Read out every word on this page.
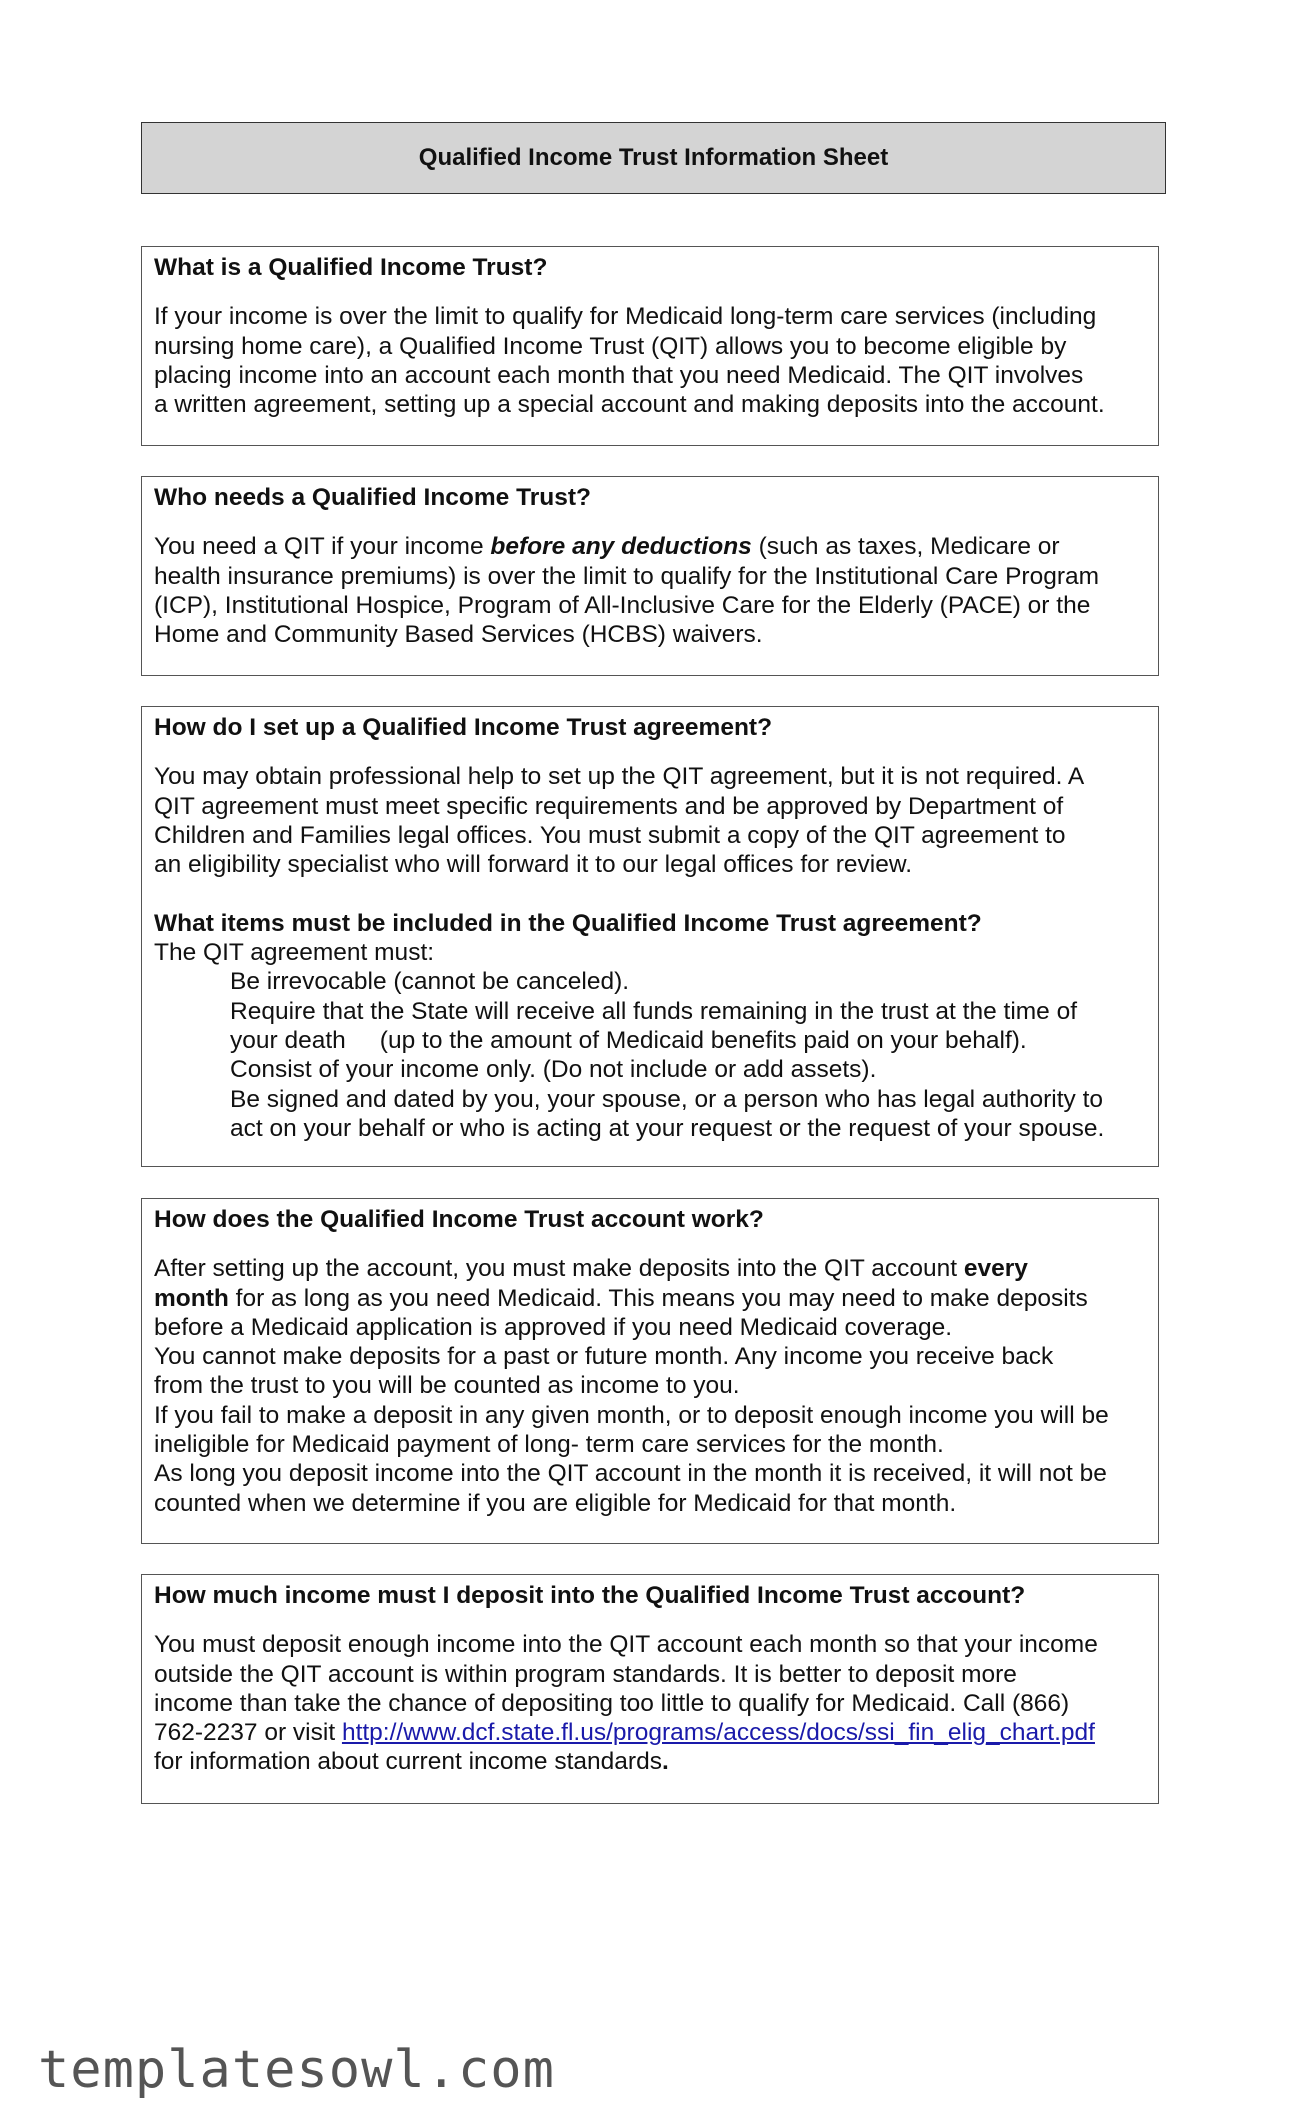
Qualified Income Trust Information Sheet

What is a Qualified Income Trust?

If your income is over the limit to qualify for Medicaid long-term care services (including
nursing home care), a Qualified Income Trust (QIT) allows you to become eligible by
placing income into an account each month that you need Medicaid. The QIT involves
a written agreement, setting up a special account and making deposits into the account.

Who needs a Qualified Income Trust?

You need a QIT if your income before any deductions (such as taxes, Medicare or
health insurance premiums) is over the limit to qualify for the Institutional Care Program
(ICP), Institutional Hospice, Program of All-Inclusive Care for the Elderly (PACE) or the
Home and Community Based Services (HCBS) waivers.

How do I set up a Qualified Income Trust agreement?

You may obtain professional help to set up the QIT agreement, but it is not required. A
QIT agreement must meet specific requirements and be approved by Department of
Children and Families legal offices. You must submit a copy of the QIT agreement to
an eligibility specialist who will forward it to our legal offices for review.

What items must be included in the Qualified Income Trust agreement?
The QIT agreement must:
Be irrevocable (cannot be canceled).
Require that the State will receive all funds remaining in the trust at the time of
your death     (up to the amount of Medicaid benefits paid on your behalf).
Consist of your income only. (Do not include or add assets).
Be signed and dated by you, your spouse, or a person who has legal authority to
act on your behalf or who is acting at your request or the request of your spouse.

How does the Qualified Income Trust account work?

After setting up the account, you must make deposits into the QIT account every
month for as long as you need Medicaid. This means you may need to make deposits
before a Medicaid application is approved if you need Medicaid coverage.
You cannot make deposits for a past or future month. Any income you receive back
from the trust to you will be counted as income to you.
If you fail to make a deposit in any given month, or to deposit enough income you will be
ineligible for Medicaid payment of long- term care services for the month.
As long you deposit income into the QIT account in the month it is received, it will not be
counted when we determine if you are eligible for Medicaid for that month.

How much income must I deposit into the Qualified Income Trust account?

You must deposit enough income into the QIT account each month so that your income
outside the QIT account is within program standards. It is better to deposit more
income than take the chance of depositing too little to qualify for Medicaid. Call (866)
762-2237 or visit http://www.dcf.state.fl.us/programs/access/docs/ssi_fin_elig_chart.pdf
for information about current income standards.
templatesowl.com
